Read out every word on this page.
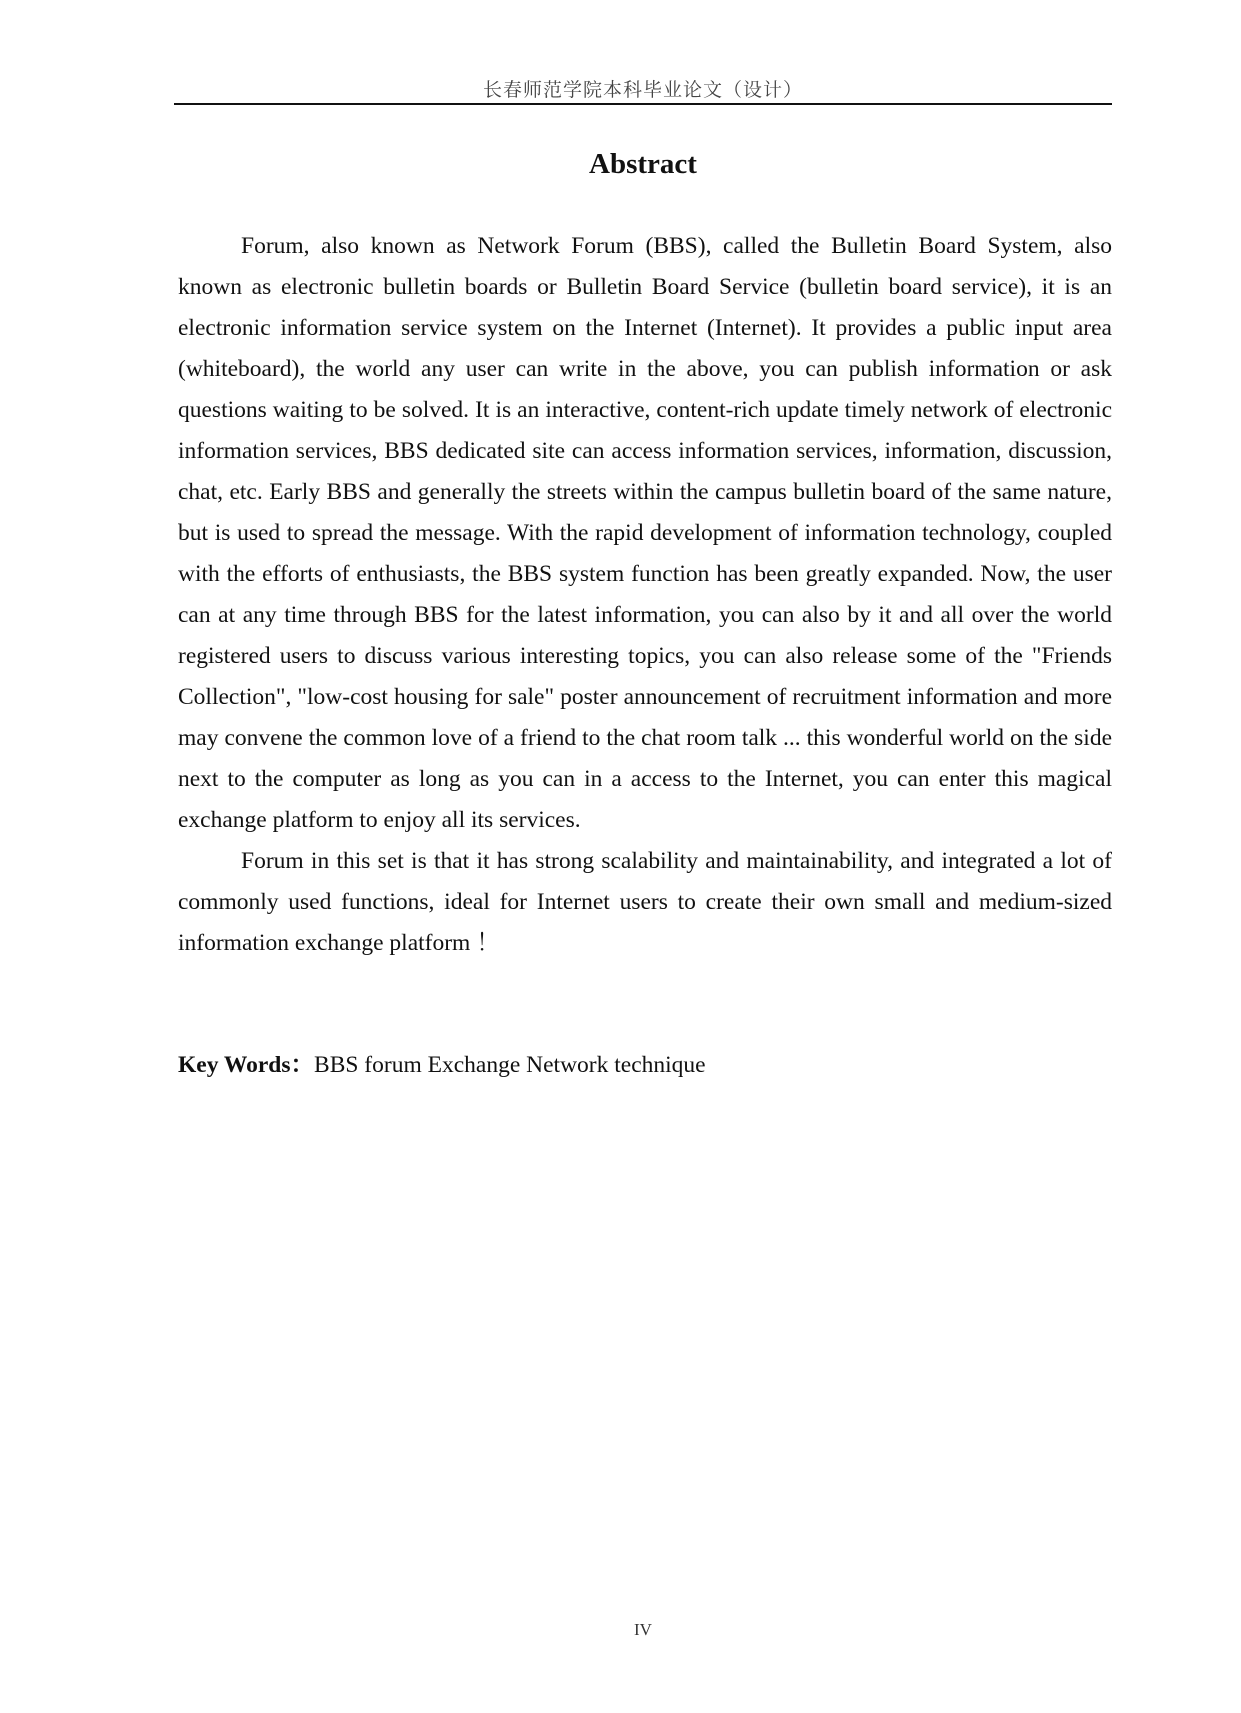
长春师范学院本科毕业论文（设计）
Abstract

Forum, also known as Network Forum (BBS), called the Bulletin Board System, also known as electronic bulletin boards or Bulletin Board Service (bulletin board service), it is an electronic information service system on the Internet (Internet). It provides a public input area (whiteboard), the world any user can write in the above, you can publish information or ask questions waiting to be solved. It is an interactive, content-rich update timely network of electronic information services, BBS dedicated site can access information services, information, discussion, chat, etc. Early BBS and generally the streets within the campus bulletin board of the same nature, but is used to spread the message. With the rapid development of information technology, coupled with the efforts of enthusiasts, the BBS system function has been greatly expanded. Now, the user can at any time through BBS for the latest information, you can also by it and all over the world registered users to discuss various interesting topics, you can also release some of the "Friends Collection", "low-cost housing for sale" poster announcement of recruitment information and more may convene the common love of a friend to the chat room talk ... this wonderful world on the side next to the computer as long as you can in a access to the Internet, you can enter this magical exchange platform to enjoy all its services.

Forum in this set is that it has strong scalability and maintainability, and integrated a lot of commonly used functions, ideal for Internet users to create their own small and medium-sized information exchange platform ！

Key Words：BBS forum Exchange Network technique
IV
